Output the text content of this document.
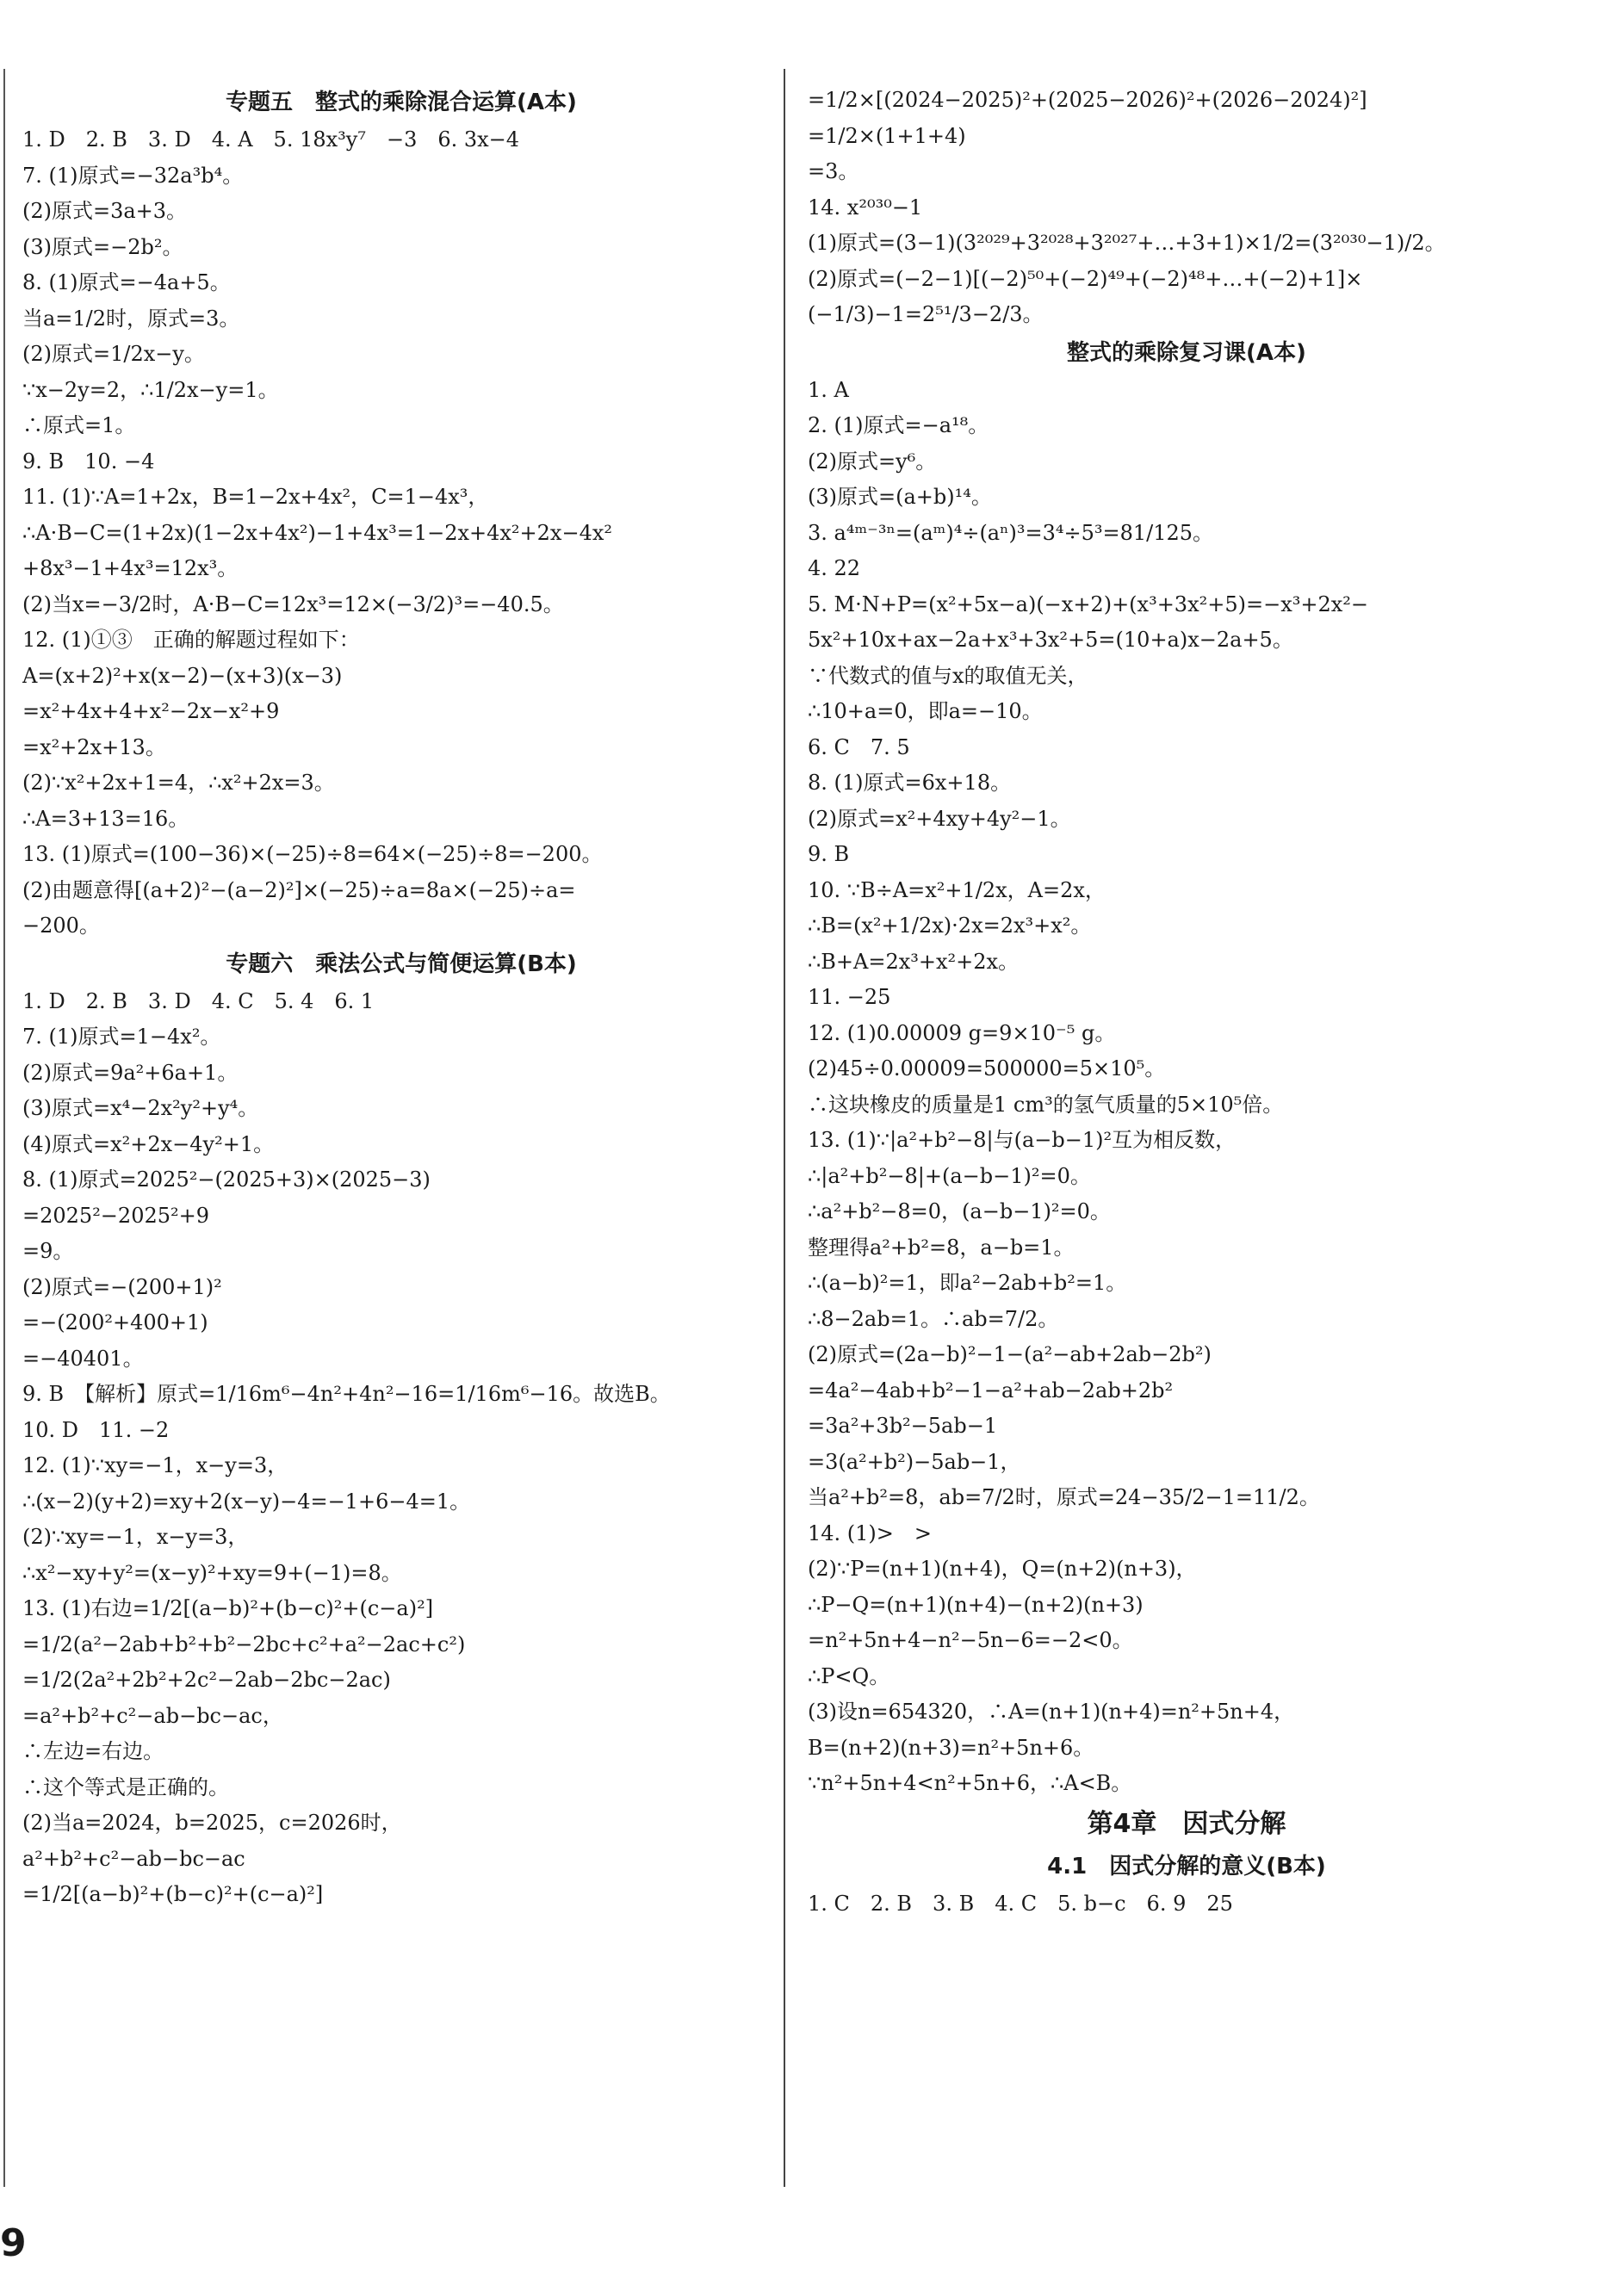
专题五　整式的乘除混合运算(A本)
1. D　2. B　3. D　4. A　5. 18x³y⁷　−3　6. 3x−4
7. (1)原式=−32a³b⁴。
(2)原式=3a+3。
(3)原式=−2b²。
8. (1)原式=−4a+5。
当a=1/2时，原式=3。
(2)原式=1/2x−y。
∵x−2y=2，∴1/2x−y=1。
∴原式=1。
9. B　10. −4
11. (1)∵A=1+2x，B=1−2x+4x²，C=1−4x³，
∴A·B−C=(1+2x)(1−2x+4x²)−1+4x³=1−2x+4x²+2x−4x²
+8x³−1+4x³=12x³。
(2)当x=−3/2时，A·B−C=12x³=12×(−3/2)³=−40.5。
12. (1)①③　正确的解题过程如下：
A=(x+2)²+x(x−2)−(x+3)(x−3)
=x²+4x+4+x²−2x−x²+9
=x²+2x+13。
(2)∵x²+2x+1=4，∴x²+2x=3。
∴A=3+13=16。
13. (1)原式=(100−36)×(−25)÷8=64×(−25)÷8=−200。
(2)由题意得[(a+2)²−(a−2)²]×(−25)÷a=8a×(−25)÷a=
−200。
专题六　乘法公式与简便运算(B本)
1. D　2. B　3. D　4. C　5. 4　6. 1
7. (1)原式=1−4x²。
(2)原式=9a²+6a+1。
(3)原式=x⁴−2x²y²+y⁴。
(4)原式=x²+2x−4y²+1。
8. (1)原式=2025²−(2025+3)×(2025−3)
=2025²−2025²+9
=9。
(2)原式=−(200+1)²
=−(200²+400+1)
=−40401。
9. B　【解析】原式=1/16m⁶−4n²+4n²−16=1/16m⁶−16。故选B。
10. D　11. −2
12. (1)∵xy=−1，x−y=3，
∴(x−2)(y+2)=xy+2(x−y)−4=−1+6−4=1。
(2)∵xy=−1，x−y=3，
∴x²−xy+y²=(x−y)²+xy=9+(−1)=8。
13. (1)右边=1/2[(a−b)²+(b−c)²+(c−a)²]
=1/2(a²−2ab+b²+b²−2bc+c²+a²−2ac+c²)
=1/2(2a²+2b²+2c²−2ab−2bc−2ac)
=a²+b²+c²−ab−bc−ac，
∴左边=右边。
∴这个等式是正确的。
(2)当a=2024，b=2025，c=2026时，
a²+b²+c²−ab−bc−ac
=1/2[(a−b)²+(b−c)²+(c−a)²]
=1/2×[(2024−2025)²+(2025−2026)²+(2026−2024)²]
=1/2×(1+1+4)
=3。
14. x²⁰³⁰−1
(1)原式=(3−1)(3²⁰²⁹+3²⁰²⁸+3²⁰²⁷+…+3+1)×1/2=(3²⁰³⁰−1)/2。
(2)原式=(−2−1)[(−2)⁵⁰+(−2)⁴⁹+(−2)⁴⁸+…+(−2)+1]×
(−1/3)−1=2⁵¹/3−2/3。
整式的乘除复习课(A本)
1. A
2. (1)原式=−a¹⁸。
(2)原式=y⁶。
(3)原式=(a+b)¹⁴。
3. a⁴ᵐ⁻³ⁿ=(aᵐ)⁴÷(aⁿ)³=3⁴÷5³=81/125。
4. 22
5. M·N+P=(x²+5x−a)(−x+2)+(x³+3x²+5)=−x³+2x²−
5x²+10x+ax−2a+x³+3x²+5=(10+a)x−2a+5。
∵代数式的值与x的取值无关，
∴10+a=0，即a=−10。
6. C　7. 5
8. (1)原式=6x+18。
(2)原式=x²+4xy+4y²−1。
9. B
10. ∵B÷A=x²+1/2x，A=2x，
∴B=(x²+1/2x)·2x=2x³+x²。
∴B+A=2x³+x²+2x。
11. −25
12. (1)0.00009 g=9×10⁻⁵ g。
(2)45÷0.00009=500000=5×10⁵。
∴这块橡皮的质量是1 cm³的氢气质量的5×10⁵倍。
13. (1)∵|a²+b²−8|与(a−b−1)²互为相反数，
∴|a²+b²−8|+(a−b−1)²=0。
∴a²+b²−8=0，(a−b−1)²=0。
整理得a²+b²=8，a−b=1。
∴(a−b)²=1，即a²−2ab+b²=1。
∴8−2ab=1。∴ab=7/2。
(2)原式=(2a−b)²−1−(a²−ab+2ab−2b²)
=4a²−4ab+b²−1−a²+ab−2ab+2b²
=3a²+3b²−5ab−1
=3(a²+b²)−5ab−1，
当a²+b²=8，ab=7/2时，原式=24−35/2−1=11/2。
14. (1)>　>
(2)∵P=(n+1)(n+4)，Q=(n+2)(n+3)，
∴P−Q=(n+1)(n+4)−(n+2)(n+3)
=n²+5n+4−n²−5n−6=−2<0。
∴P<Q。
(3)设n=654320，∴A=(n+1)(n+4)=n²+5n+4，
B=(n+2)(n+3)=n²+5n+6。
∵n²+5n+4<n²+5n+6，∴A<B。
第4章　因式分解
4.1　因式分解的意义(B本)
1. C　2. B　3. B　4. C　5. b−c　6. 9　25
9
